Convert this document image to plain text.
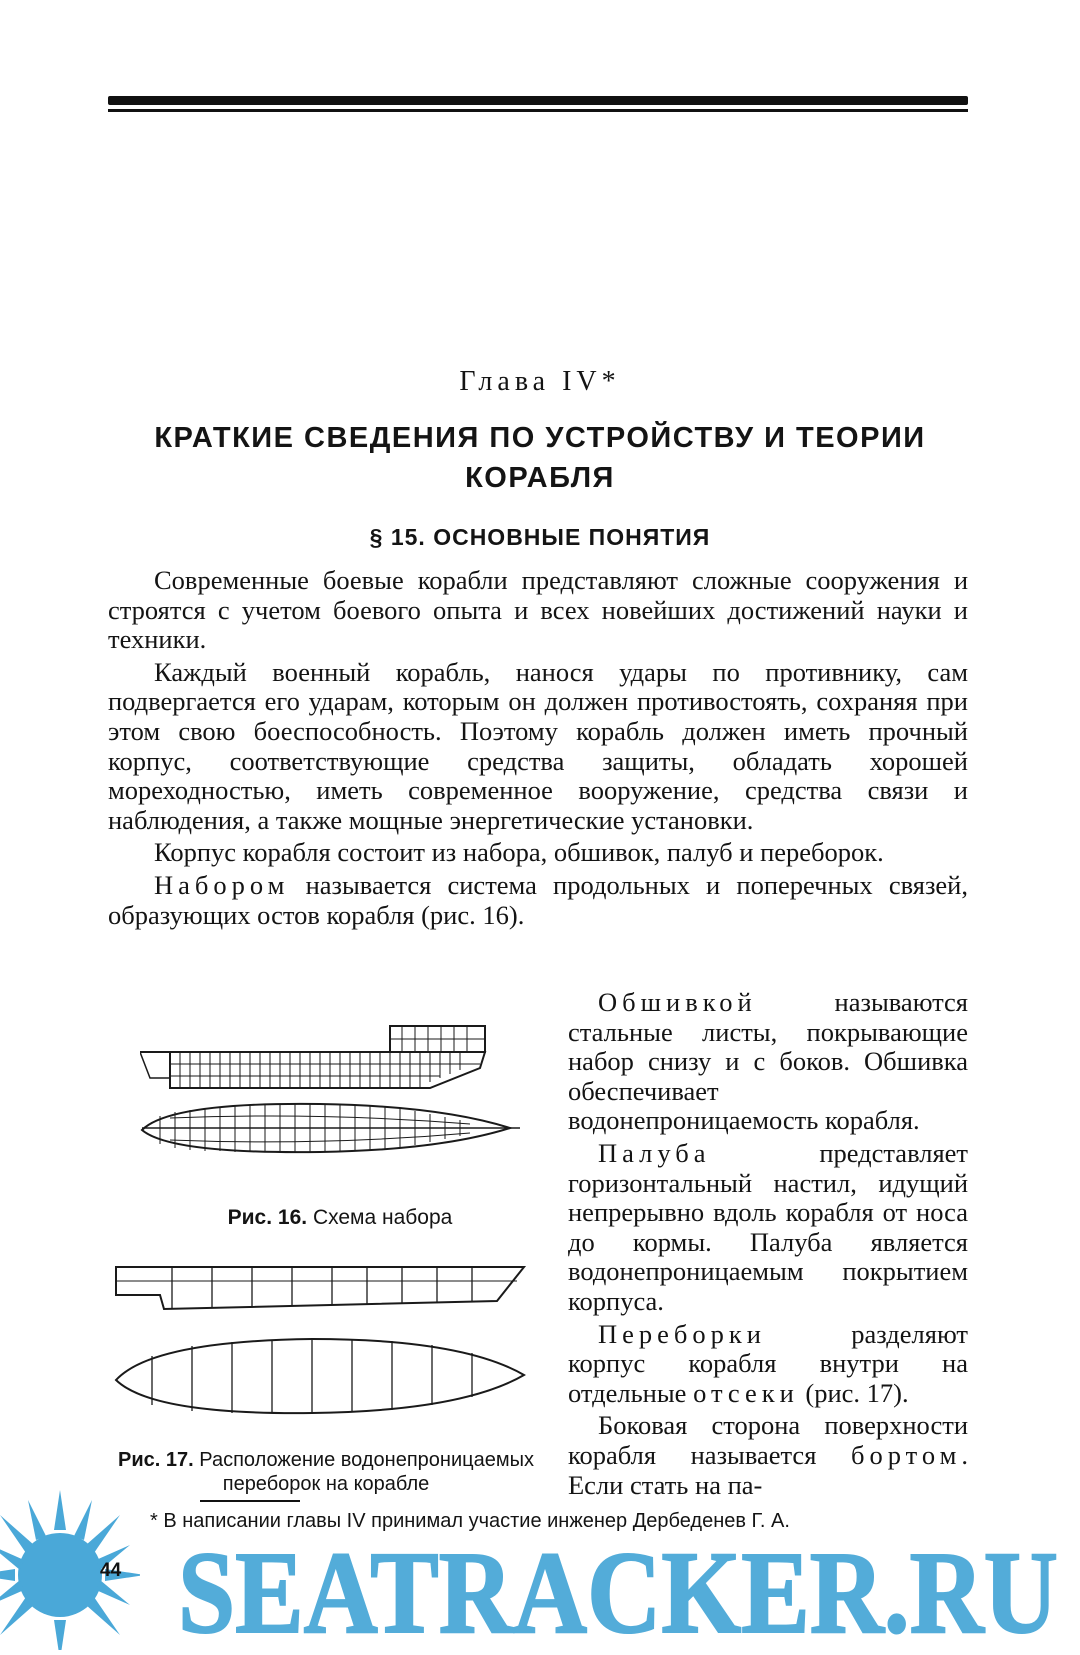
Глава IV*
КРАТКИЕ СВЕДЕНИЯ ПО УСТРОЙСТВУ И ТЕОРИИ
КОРАБЛЯ
§ 15. ОСНОВНЫЕ ПОНЯТИЯ

Современные боевые корабли представляют сложные сооружения и строятся с учетом боевого опыта и всех новейших достижений науки и техники.

Каждый военный корабль, нанося удары по противнику, сам подвергается его ударам, которым он должен противостоять, сохраняя при этом свою боеспособность. Поэтому корабль должен иметь прочный корпус, соответствующие средства защиты, обладать хорошей мореходностью, иметь современное вооружение, средства связи и наблюдения, а также мощные энергетические установки.

Корпус корабля состоит из набора, обшивок, палуб и переборок.

Набором называется система продольных и поперечных связей, образующих остов корабля (рис. 16).

Обшивкой называются стальные листы, покрывающие набор снизу и с боков. Обшивка обеспечивает водонепроницаемость корабля.

Палуба представляет горизонтальный настил, идущий непрерывно вдоль корабля от носа до кормы. Палуба является водонепроницаемым покрытием корпуса.

Переборки разделяют корпус корабля внутри на отдельные отсеки (рис. 17).

Боковая сторона поверхности корабля называется бортом. Если стать на па-

Рис. 16. Схема набора
Рис. 17. Расположение водонепроницаемых переборок на корабле
* В написании главы IV принимал участие инженер Дербеденев Г. А.
44 SEATRACKER.RU
